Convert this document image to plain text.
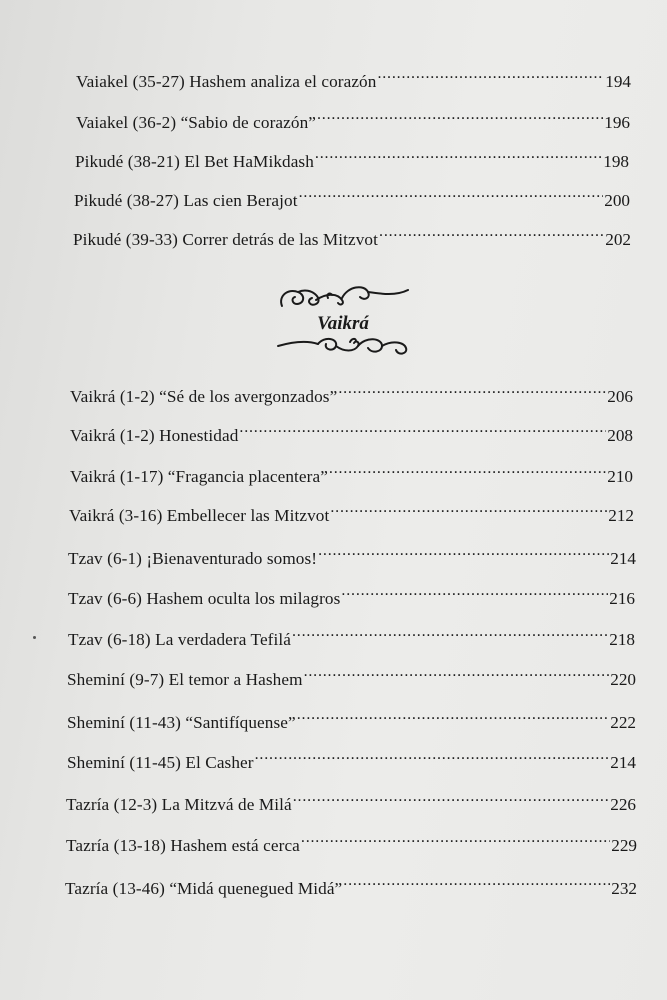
Vaiakel (35-27) Hashem analiza el corazón .....	194
Vaiakel (36-2) “Sabio de corazón” .....	196
Pikudé (38-21) El Bet HaMikdash .....	198
Pikudé (38-27) Las cien Berajot .....	200
Pikudé (39-33) Correr detrás de las Mitzvot .....	202
Vaikrá
Vaikrá (1-2) “Sé de los avergonzados” .....	206
Vaikrá (1-2) Honestidad .....	208
Vaikrá (1-17) “Fragancia placentera” .....	210
Vaikrá (3-16) Embellecer las Mitzvot .....	212
Tzav (6-1) ¡Bienaventurado somos! .....	214
Tzav (6-6) Hashem oculta los milagros .....	216
Tzav (6-18) La verdadera Tefilá .....	218
Sheminí (9-7) El temor a Hashem .....	220
Sheminí (11-43) “Santifíquense” .....	222
Sheminí (11-45) El Casher .....	214
Tazría (12-3) La Mitzvá de Milá .....	226
Tazría (13-18) Hashem está cerca .....	229
Tazría (13-46) “Midá quenegued Midá” .....	232
